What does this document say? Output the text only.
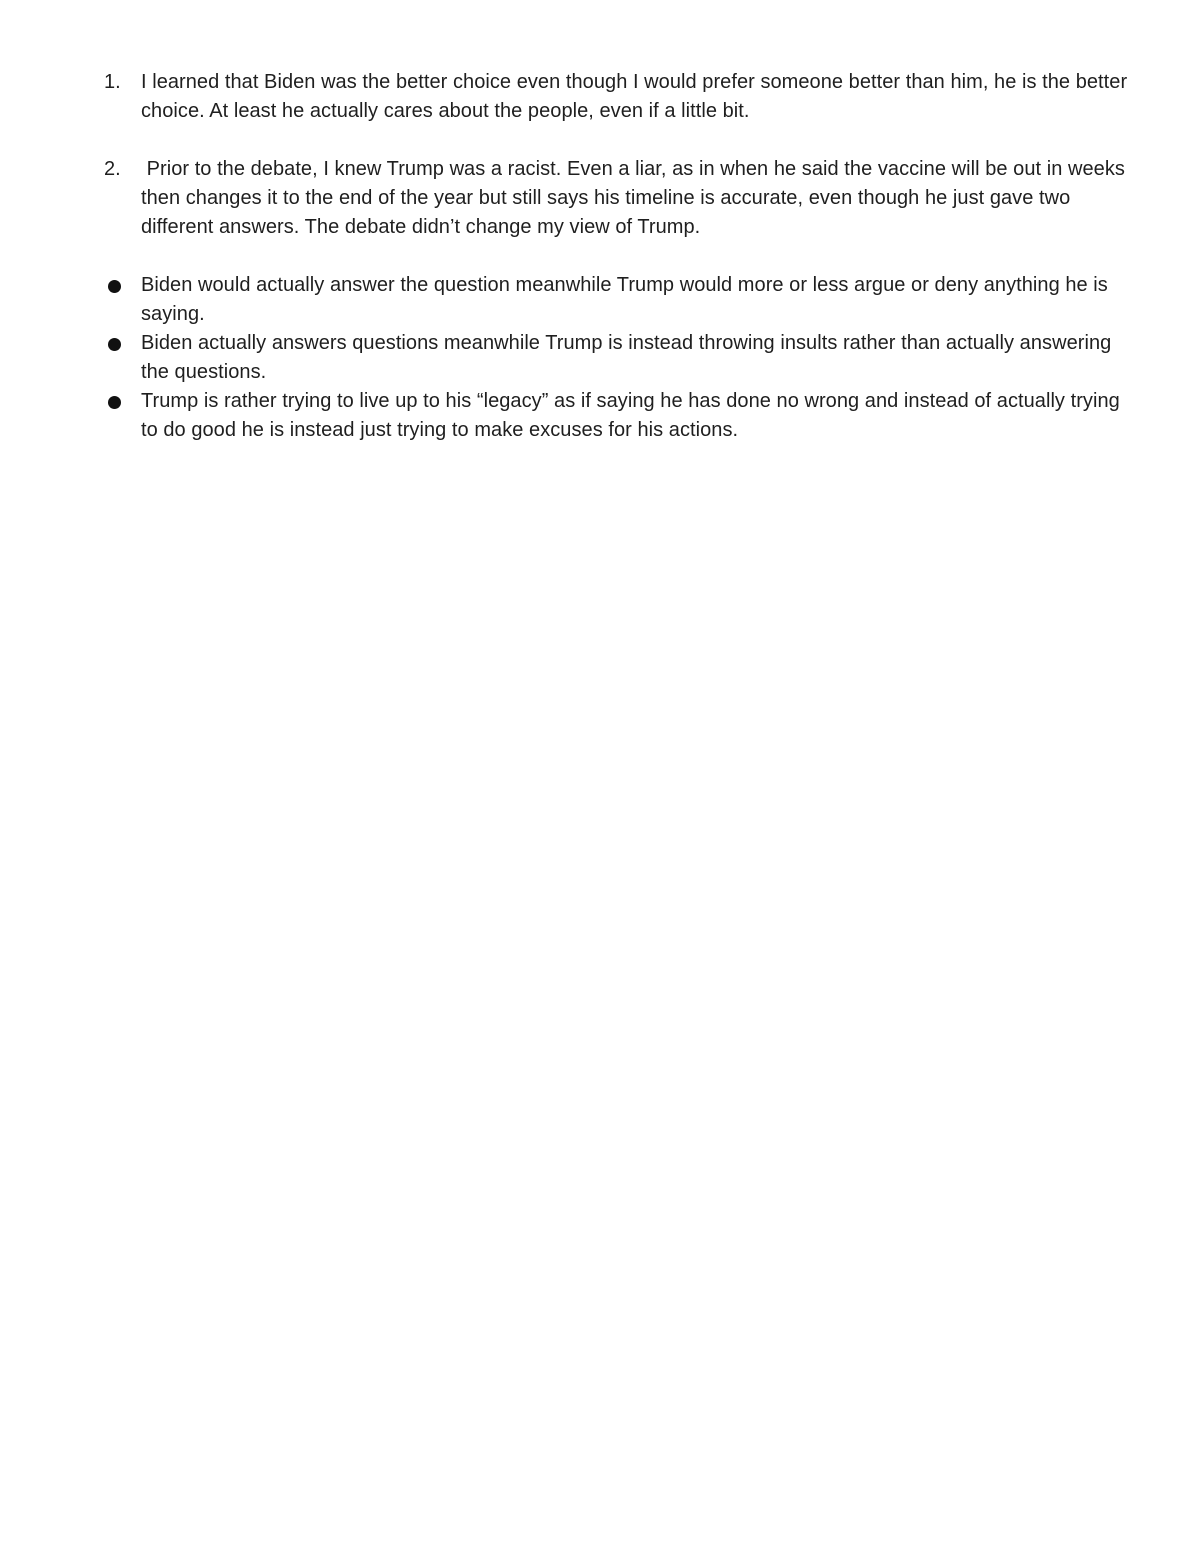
1.	I learned that Biden was the better choice even though I would prefer someone better than him, he is the better choice. At least he actually cares about the people, even if a little bit.
2.	Prior to the debate, I knew Trump was a racist. Even a liar, as in when he said the vaccine will be out in weeks then changes it to the end of the year but still says his timeline is accurate, even though he just gave two different answers. The debate didn’t change my view of Trump.
Biden would actually answer the question meanwhile Trump would more or less argue or deny anything he is saying.
Biden actually answers questions meanwhile Trump is instead throwing insults rather than actually answering the questions.
Trump is rather trying to live up to his “legacy” as if saying he has done no wrong and instead of actually trying to do good he is instead just trying to make excuses for his actions.
